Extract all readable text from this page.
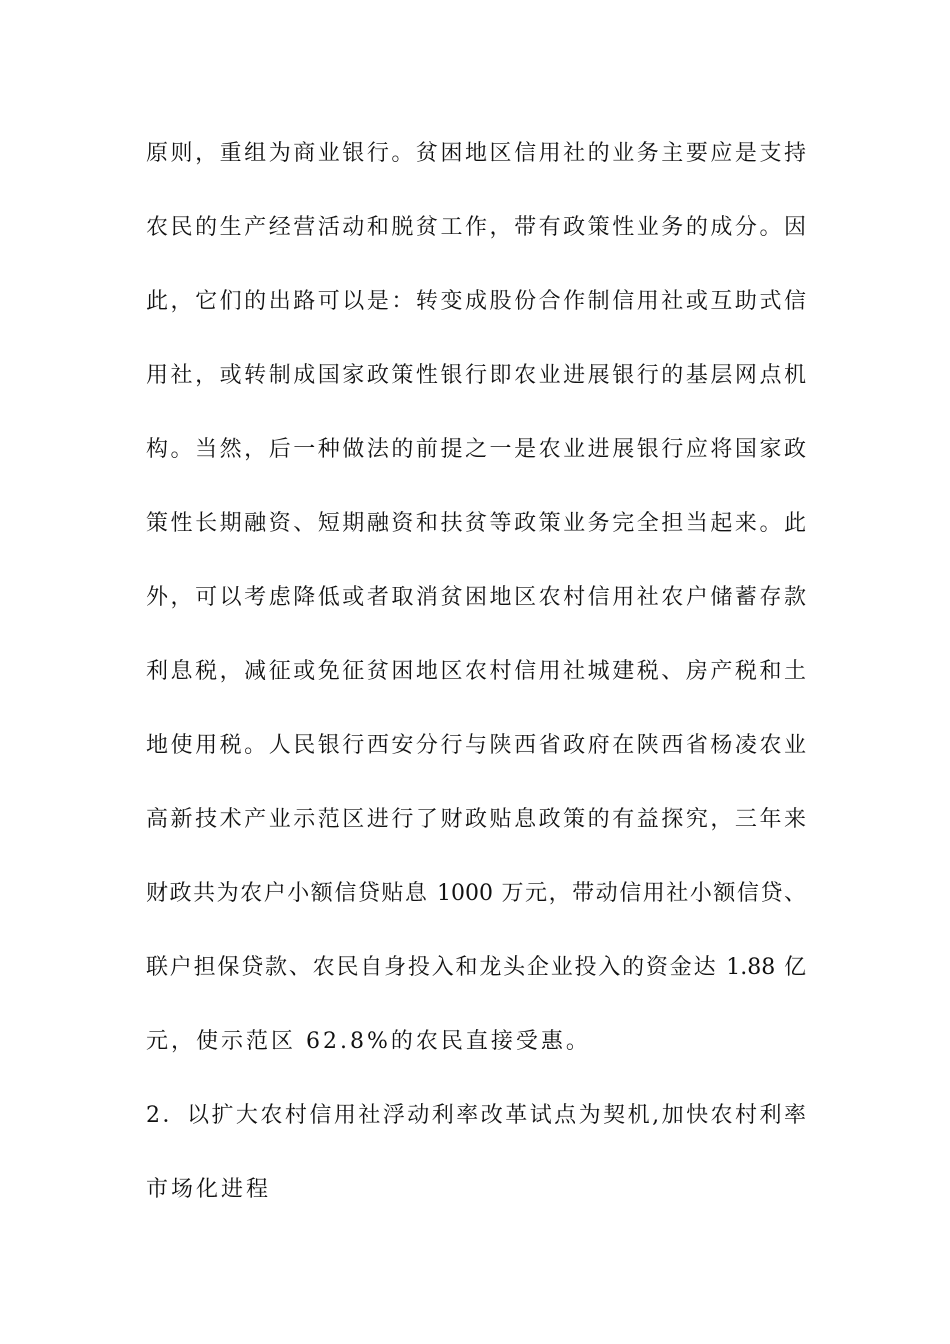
原则，重组为商业银行。贫困地区信用社的业务主要应是支持
农民的生产经营活动和脱贫工作，带有政策性业务的成分。因
此，它们的出路可以是：转变成股份合作制信用社或互助式信
用社，或转制成国家政策性银行即农业进展银行的基层网点机
构。当然，后一种做法的前提之一是农业进展银行应将国家政
策性长期融资、短期融资和扶贫等政策业务完全担当起来。此
外，可以考虑降低或者取消贫困地区农村信用社农户储蓄存款
利息税，减征或免征贫困地区农村信用社城建税、房产税和土
地使用税。人民银行西安分行与陕西省政府在陕西省杨凌农业
高新技术产业示范区进行了财政贴息政策的有益探究，三年来
财政共为农户小额信贷贴息 1000 万元，带动信用社小额信贷、
联户担保贷款、农民自身投入和龙头企业投入的资金达 1.88 亿
元，使示范区 62.8%的农民直接受惠。
2．以扩大农村信用社浮动利率改革试点为契机,加快农村利率
市场化进程
